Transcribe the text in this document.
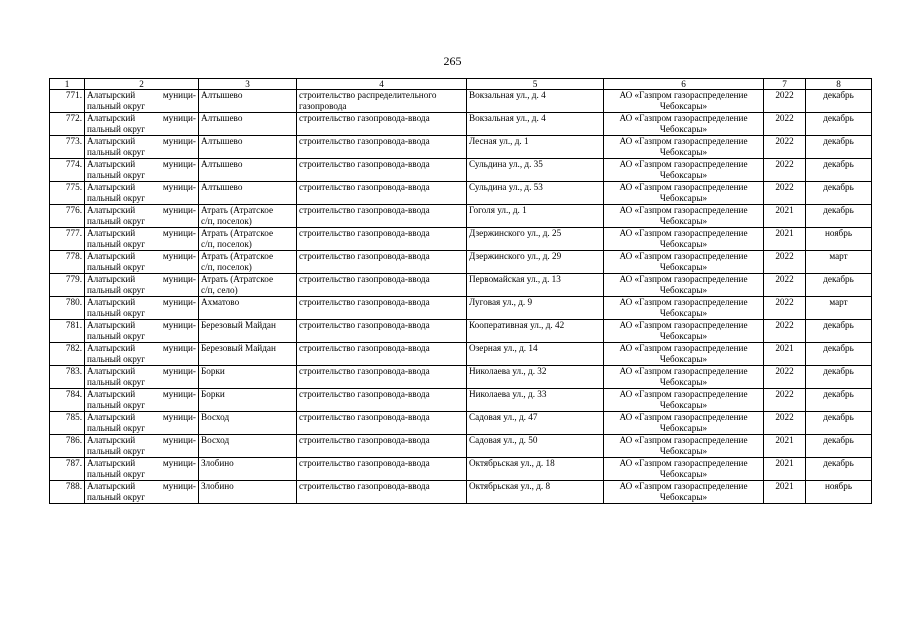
265
1	2	3	4	5	6	7	8
771.	Алатырский муници-
пальный округ	Алтышево	строительство распределительного
газопровода	Вокзальная ул., д. 4	АО «Газпром газораспределение
Чебоксары»	2022	декабрь
772.	Алатырский муници-
пальный округ	Алтышево	строительство газопровода-ввода	Вокзальная ул., д. 4	АО «Газпром газораспределение
Чебоксары»	2022	декабрь
773.	Алатырский муници-
пальный округ	Алтышево	строительство газопровода-ввода	Лесная ул., д. 1	АО «Газпром газораспределение
Чебоксары»	2022	декабрь
774.	Алатырский муници-
пальный округ	Алтышево	строительство газопровода-ввода	Сульдина ул., д. 35	АО «Газпром газораспределение
Чебоксары»	2022	декабрь
775.	Алатырский муници-
пальный округ	Алтышево	строительство газопровода-ввода	Сульдина ул., д. 53	АО «Газпром газораспределение
Чебоксары»	2022	декабрь
776.	Алатырский муници-
пальный округ	Атрать (Атратское
с/п, поселок)	строительство газопровода-ввода	Гоголя ул., д. 1	АО «Газпром газораспределение
Чебоксары»	2021	декабрь
777.	Алатырский муници-
пальный округ	Атрать (Атратское
с/п, поселок)	строительство газопровода-ввода	Дзержинского ул., д. 25	АО «Газпром газораспределение
Чебоксары»	2021	ноябрь
778.	Алатырский муници-
пальный округ	Атрать (Атратское
с/п, поселок)	строительство газопровода-ввода	Дзержинского ул., д. 29	АО «Газпром газораспределение
Чебоксары»	2022	март
779.	Алатырский муници-
пальный округ	Атрать (Атратское
с/п, село)	строительство газопровода-ввода	Первомайская ул., д. 13	АО «Газпром газораспределение
Чебоксары»	2022	декабрь
780.	Алатырский муници-
пальный округ	Ахматово	строительство газопровода-ввода	Луговая ул., д. 9	АО «Газпром газораспределение
Чебоксары»	2022	март
781.	Алатырский муници-
пальный округ	Березовый Майдан	строительство газопровода-ввода	Кооперативная ул., д. 42	АО «Газпром газораспределение
Чебоксары»	2022	декабрь
782.	Алатырский муници-
пальный округ	Березовый Майдан	строительство газопровода-ввода	Озерная ул., д. 14	АО «Газпром газораспределение
Чебоксары»	2021	декабрь
783.	Алатырский муници-
пальный округ	Борки	строительство газопровода-ввода	Николаева ул., д. 32	АО «Газпром газораспределение
Чебоксары»	2022	декабрь
784.	Алатырский муници-
пальный округ	Борки	строительство газопровода-ввода	Николаева ул., д. 33	АО «Газпром газораспределение
Чебоксары»	2022	декабрь
785.	Алатырский муници-
пальный округ	Восход	строительство газопровода-ввода	Садовая ул., д. 47	АО «Газпром газораспределение
Чебоксары»	2022	декабрь
786.	Алатырский муници-
пальный округ	Восход	строительство газопровода-ввода	Садовая ул., д. 50	АО «Газпром газораспределение
Чебоксары»	2021	декабрь
787.	Алатырский муници-
пальный округ	Злобино	строительство газопровода-ввода	Октябрьская ул., д. 18	АО «Газпром газораспределение
Чебоксары»	2021	декабрь
788.	Алатырский муници-
пальный округ	Злобино	строительство газопровода-ввода	Октябрьская ул., д. 8	АО «Газпром газораспределение
Чебоксары»	2021	ноябрь
